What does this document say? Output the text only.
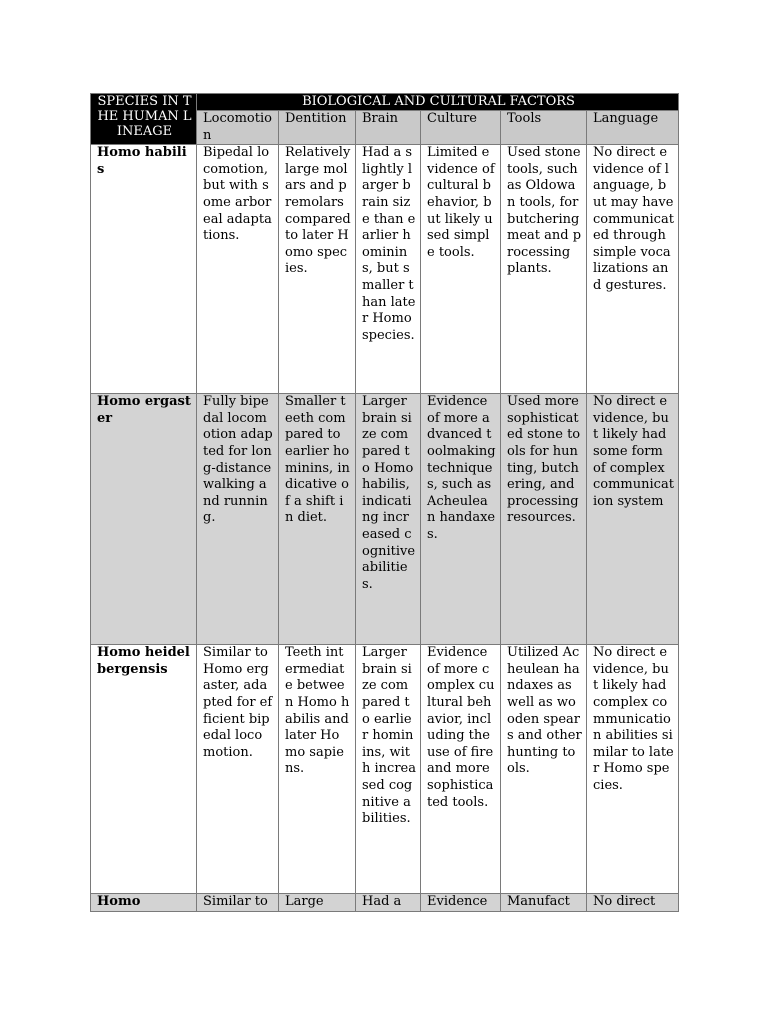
SPECIES IN THE HUMAN LINEAGE	BIOLOGICAL AND CULTURAL FACTORS					
	Locomotion	Dentition	Brain	Culture	Tools	Language
Homo habilis	Bipedal locomotion, but with some arboreal adaptations.	Relatively large molars and premolars compared to later Homo species.	Had a slightly larger brain size than earlier hominins, but smaller than later Homo species.	Limited evidence of cultural behavior, but likely used simple tools.	Used stone tools, such as Oldowan tools, for butchering meat and processing plants.	No direct evidence of language, but may have communicated through simple vocalizations and gestures.
Homo ergaster	Fully bipedal locomotion adapted for long-distance walking and running.	Smaller teeth compared to earlier hominins, indicative of a shift in diet.	Larger brain size compared to Homo habilis, indicating increased cognitive abilities.	Evidence of more advanced toolmaking techniques, such as Acheulean handaxes.	Used more sophisticated stone tools for hunting, butchering, and processing resources.	No direct evidence, but likely had some form of complex communication system
Homo heidelbergensis	Similar to Homo ergaster, adapted for efficient bipedal locomotion.	Teeth intermediate between Homo habilis and later Homo sapiens.	Larger brain size compared to earlier hominins, with increased cognitive abilities.	Evidence of more complex cultural behavior, including the use of fire and more sophisticated tools.	Utilized Acheulean handaxes as well as wooden spears and other hunting tools.	No direct evidence, but likely had complex communication abilities similar to later Homo species.
Homo	Similar to	Large	Had a	Evidence	Manufact	No direct
